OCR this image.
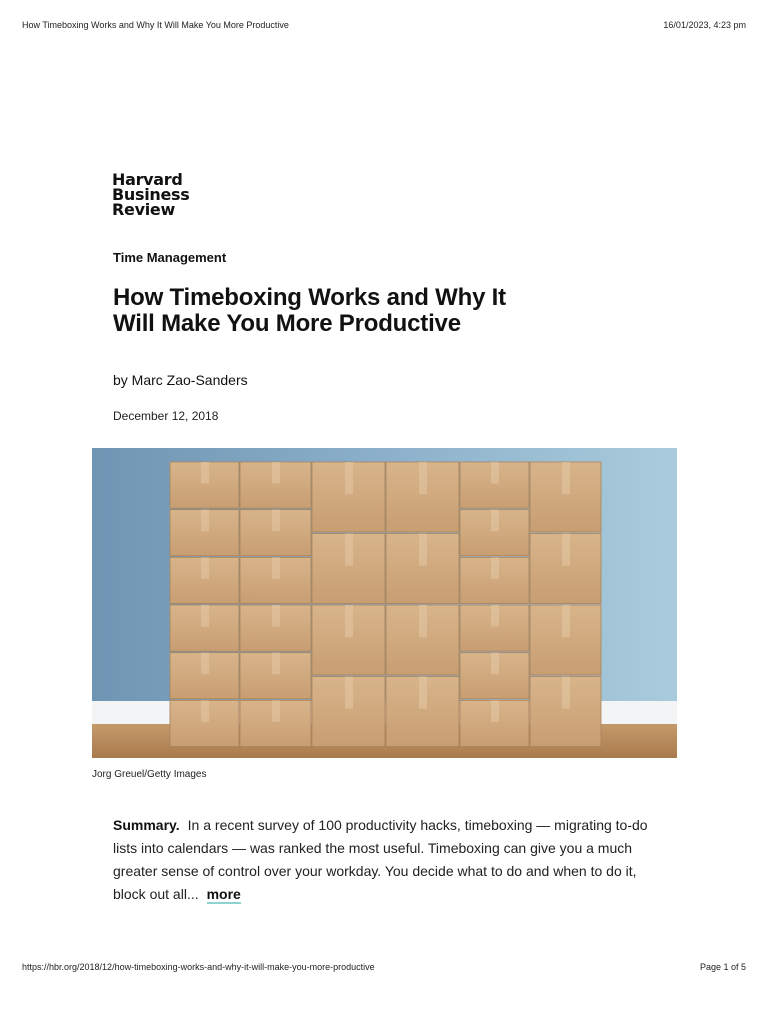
How Timeboxing Works and Why It Will Make You More Productive	16/01/2023, 4:23 pm
Harvard
Business
Review
Time Management
How Timeboxing Works and Why It Will Make You More Productive
by Marc Zao-Sanders
December 12, 2018
Jorg Greuel/Getty Images

Summary. In a recent survey of 100 productivity hacks, timeboxing — migrating to-do lists into calendars — was ranked the most useful. Timeboxing can give you a much greater sense of control over your workday. You decide what to do and when to do it, block out all... more

https://hbr.org/2018/12/how-timeboxing-works-and-why-it-will-make-you-more-productive	Page 1 of 5
